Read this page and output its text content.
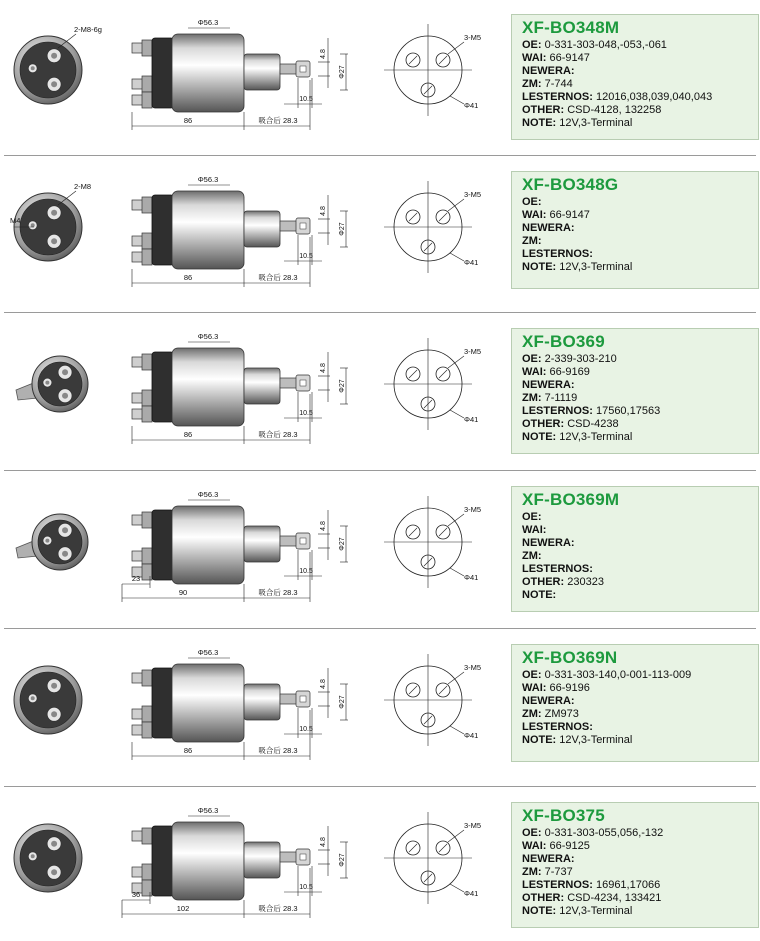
2-M8-6g
Φ56.3
4.8
Φ27
10.5
86	吸合后 28.3
3-M5
Φ41
XF-BO348M
OE: 0-331-303-048,-053,-061
WAI: 66-9147
NEWERA:
ZM: 7-744
LESTERNOS: 12016,038,039,040,043
OTHER: CSD-4128, 132258
NOTE: 12V,3-Terminal
2-M8
M4
Φ56.3
4.8
Φ27
10.5
86	吸合后 28.3
3-M5
Φ41
XF-BO348G
OE:
WAI: 66-9147
NEWERA:
ZM:
LESTERNOS:
NOTE: 12V,3-Terminal
Φ56.3
4.8
Φ27
10.5
86	吸合后 28.3
3-M5
Φ41
XF-BO369
OE: 2-339-303-210
WAI: 66-9169
NEWERA:
ZM: 7-1119
LESTERNOS: 17560,17563
OTHER: CSD-4238
NOTE: 12V,3-Terminal
Φ56.3
4.8
Φ27
10.5
90	吸合后 28.3
23
3-M5
Φ41
XF-BO369M
OE:
WAI:
NEWERA:
ZM:
LESTERNOS:
OTHER: 230323
NOTE:
Φ56.3
4.8
Φ27
10.5
86	吸合后 28.3
3-M5
Φ41
XF-BO369N
OE: 0-331-303-140,0-001-113-009
WAI: 66-9196
NEWERA:
ZM: ZM973
LESTERNOS:
NOTE: 12V,3-Terminal
Φ56.3
4.8
Φ27
10.5
102	吸合后 28.3
36
3-M5
Φ41
XF-BO375
OE: 0-331-303-055,056,-132
WAI: 66-9125
NEWERA:
ZM: 7-737
LESTERNOS: 16961,17066
OTHER: CSD-4234, 133421
NOTE: 12V,3-Terminal
